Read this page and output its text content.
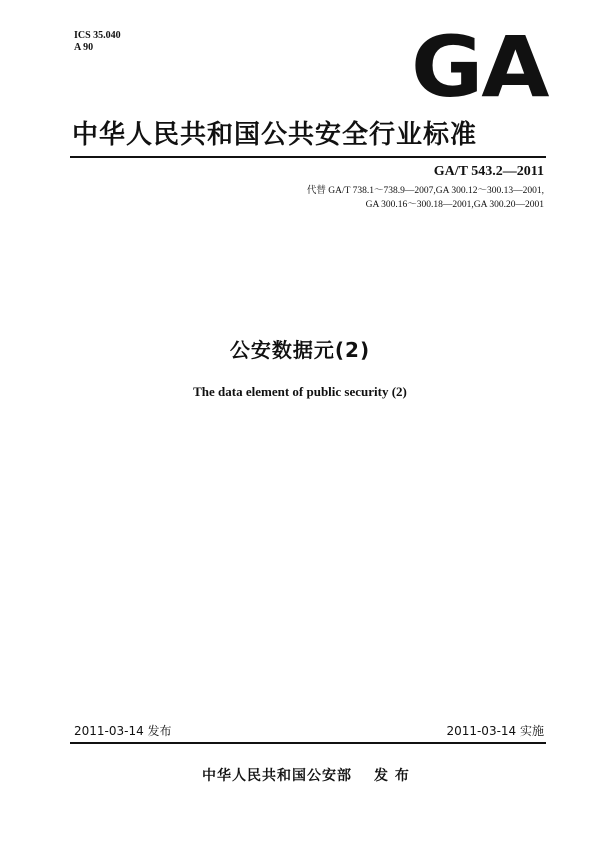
ICS 35.040
A 90	GA
中华人民共和国公共安全行业标准
GA/T 543.2—2011
代替 GA/T 738.1～738.9—2007,GA 300.12～300.13—2001,
GA 300.16～300.18—2001,GA 300.20—2001
公安数据元(2)
The data element of public security (2)
2011-03-14 发布	2011-03-14 实施
中华人民共和国公安部 发 布
